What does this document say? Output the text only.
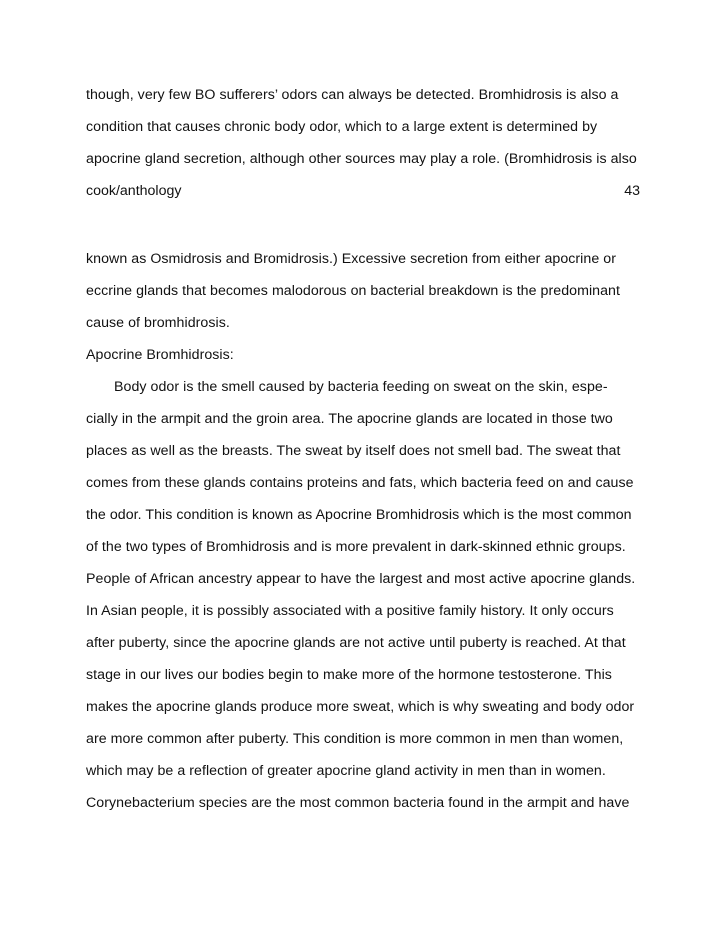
though, very few BO sufferers’ odors can always be detected. Bromhidrosis is also a
condition that causes chronic body odor, which to a large extent is determined by
apocrine gland secretion, although other sources may play a role. (Bromhidrosis is also
cook/anthology	43
known as Osmidrosis and Bromidrosis.) Excessive secretion from either apocrine or
eccrine glands that becomes malodorous on bacterial breakdown is the predominant
cause of bromhidrosis.
Apocrine Bromhidrosis:
Body odor is the smell caused by bacteria feeding on sweat on the skin, espe-
cially in the armpit and the groin area. The apocrine glands are located in those two
places as well as the breasts. The sweat by itself does not smell bad. The sweat that
comes from these glands contains proteins and fats, which bacteria feed on and cause
the odor. This condition is known as Apocrine Bromhidrosis which is the most common
of the two types of Bromhidrosis and is more prevalent in dark-skinned ethnic groups.
People of African ancestry appear to have the largest and most active apocrine glands.
In Asian people, it is possibly associated with a positive family history. It only occurs
after puberty, since the apocrine glands are not active until puberty is reached. At that
stage in our lives our bodies begin to make more of the hormone testosterone. This
makes the apocrine glands produce more sweat, which is why sweating and body odor
are more common after puberty. This condition is more common in men than women,
which may be a reflection of greater apocrine gland activity in men than in women.
Corynebacterium species are the most common bacteria found in the armpit and have
